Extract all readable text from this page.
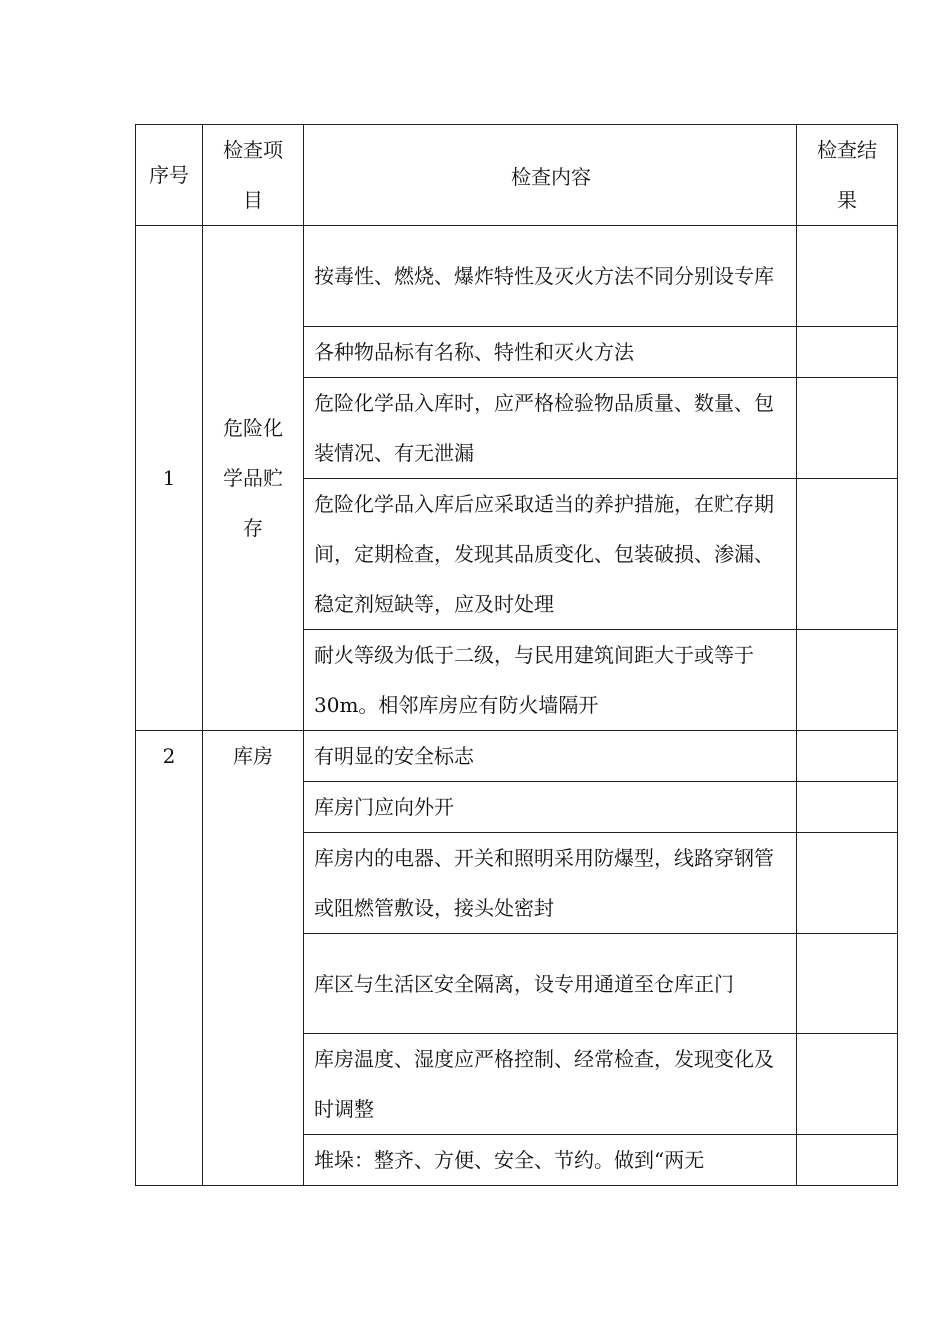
序号	检查项目	检查内容	检查结果

1	危险化学品贮存	按毒性、燃烧、爆炸特性及灭火方法不同分别设专库	

		各种物品标有名称、特性和灭火方法	

		危险化学品入库时，应严格检验物品质量、数量、包装情况、有无泄漏	

		危险化学品入库后应采取适当的养护措施，在贮存期间，定期检查，发现其品质变化、包装破损、渗漏、稳定剂短缺等，应及时处理	

		耐火等级为低于二级，与民用建筑间距大于或等于30m。相邻库房应有防火墙隔开	

2	库房	有明显的安全标志	

		库房门应向外开	

		库房内的电器、开关和照明采用防爆型，线路穿钢管或阻燃管敷设，接头处密封	

		库区与生活区安全隔离，设专用通道至仓库正门	

		库房温度、湿度应严格控制、经常检查，发现变化及时调整	

		堆垛：整齐、方便、安全、节约。做到“两无	
